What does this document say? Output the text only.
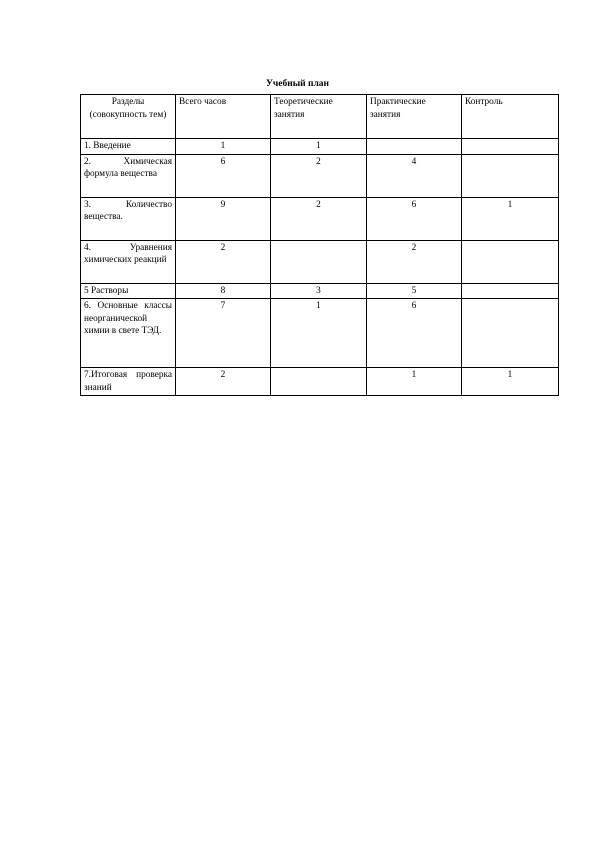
Учебный план
Разделы (совокупность тем)	Всего часов	Теоретические занятия	Практические занятия	Контроль
1. Введение	1	1		
2. Химическая формула вещества	6	2	4	
3. Количество вещества.	9	2	6	1
4. Уравнения химических реакций	2		2	
5 Растворы	8	3	5	
6. Основные классы неорганической химии в свете ТЭД.	7	1	6	
7.Итоговая проверка знаний	2		1	1
